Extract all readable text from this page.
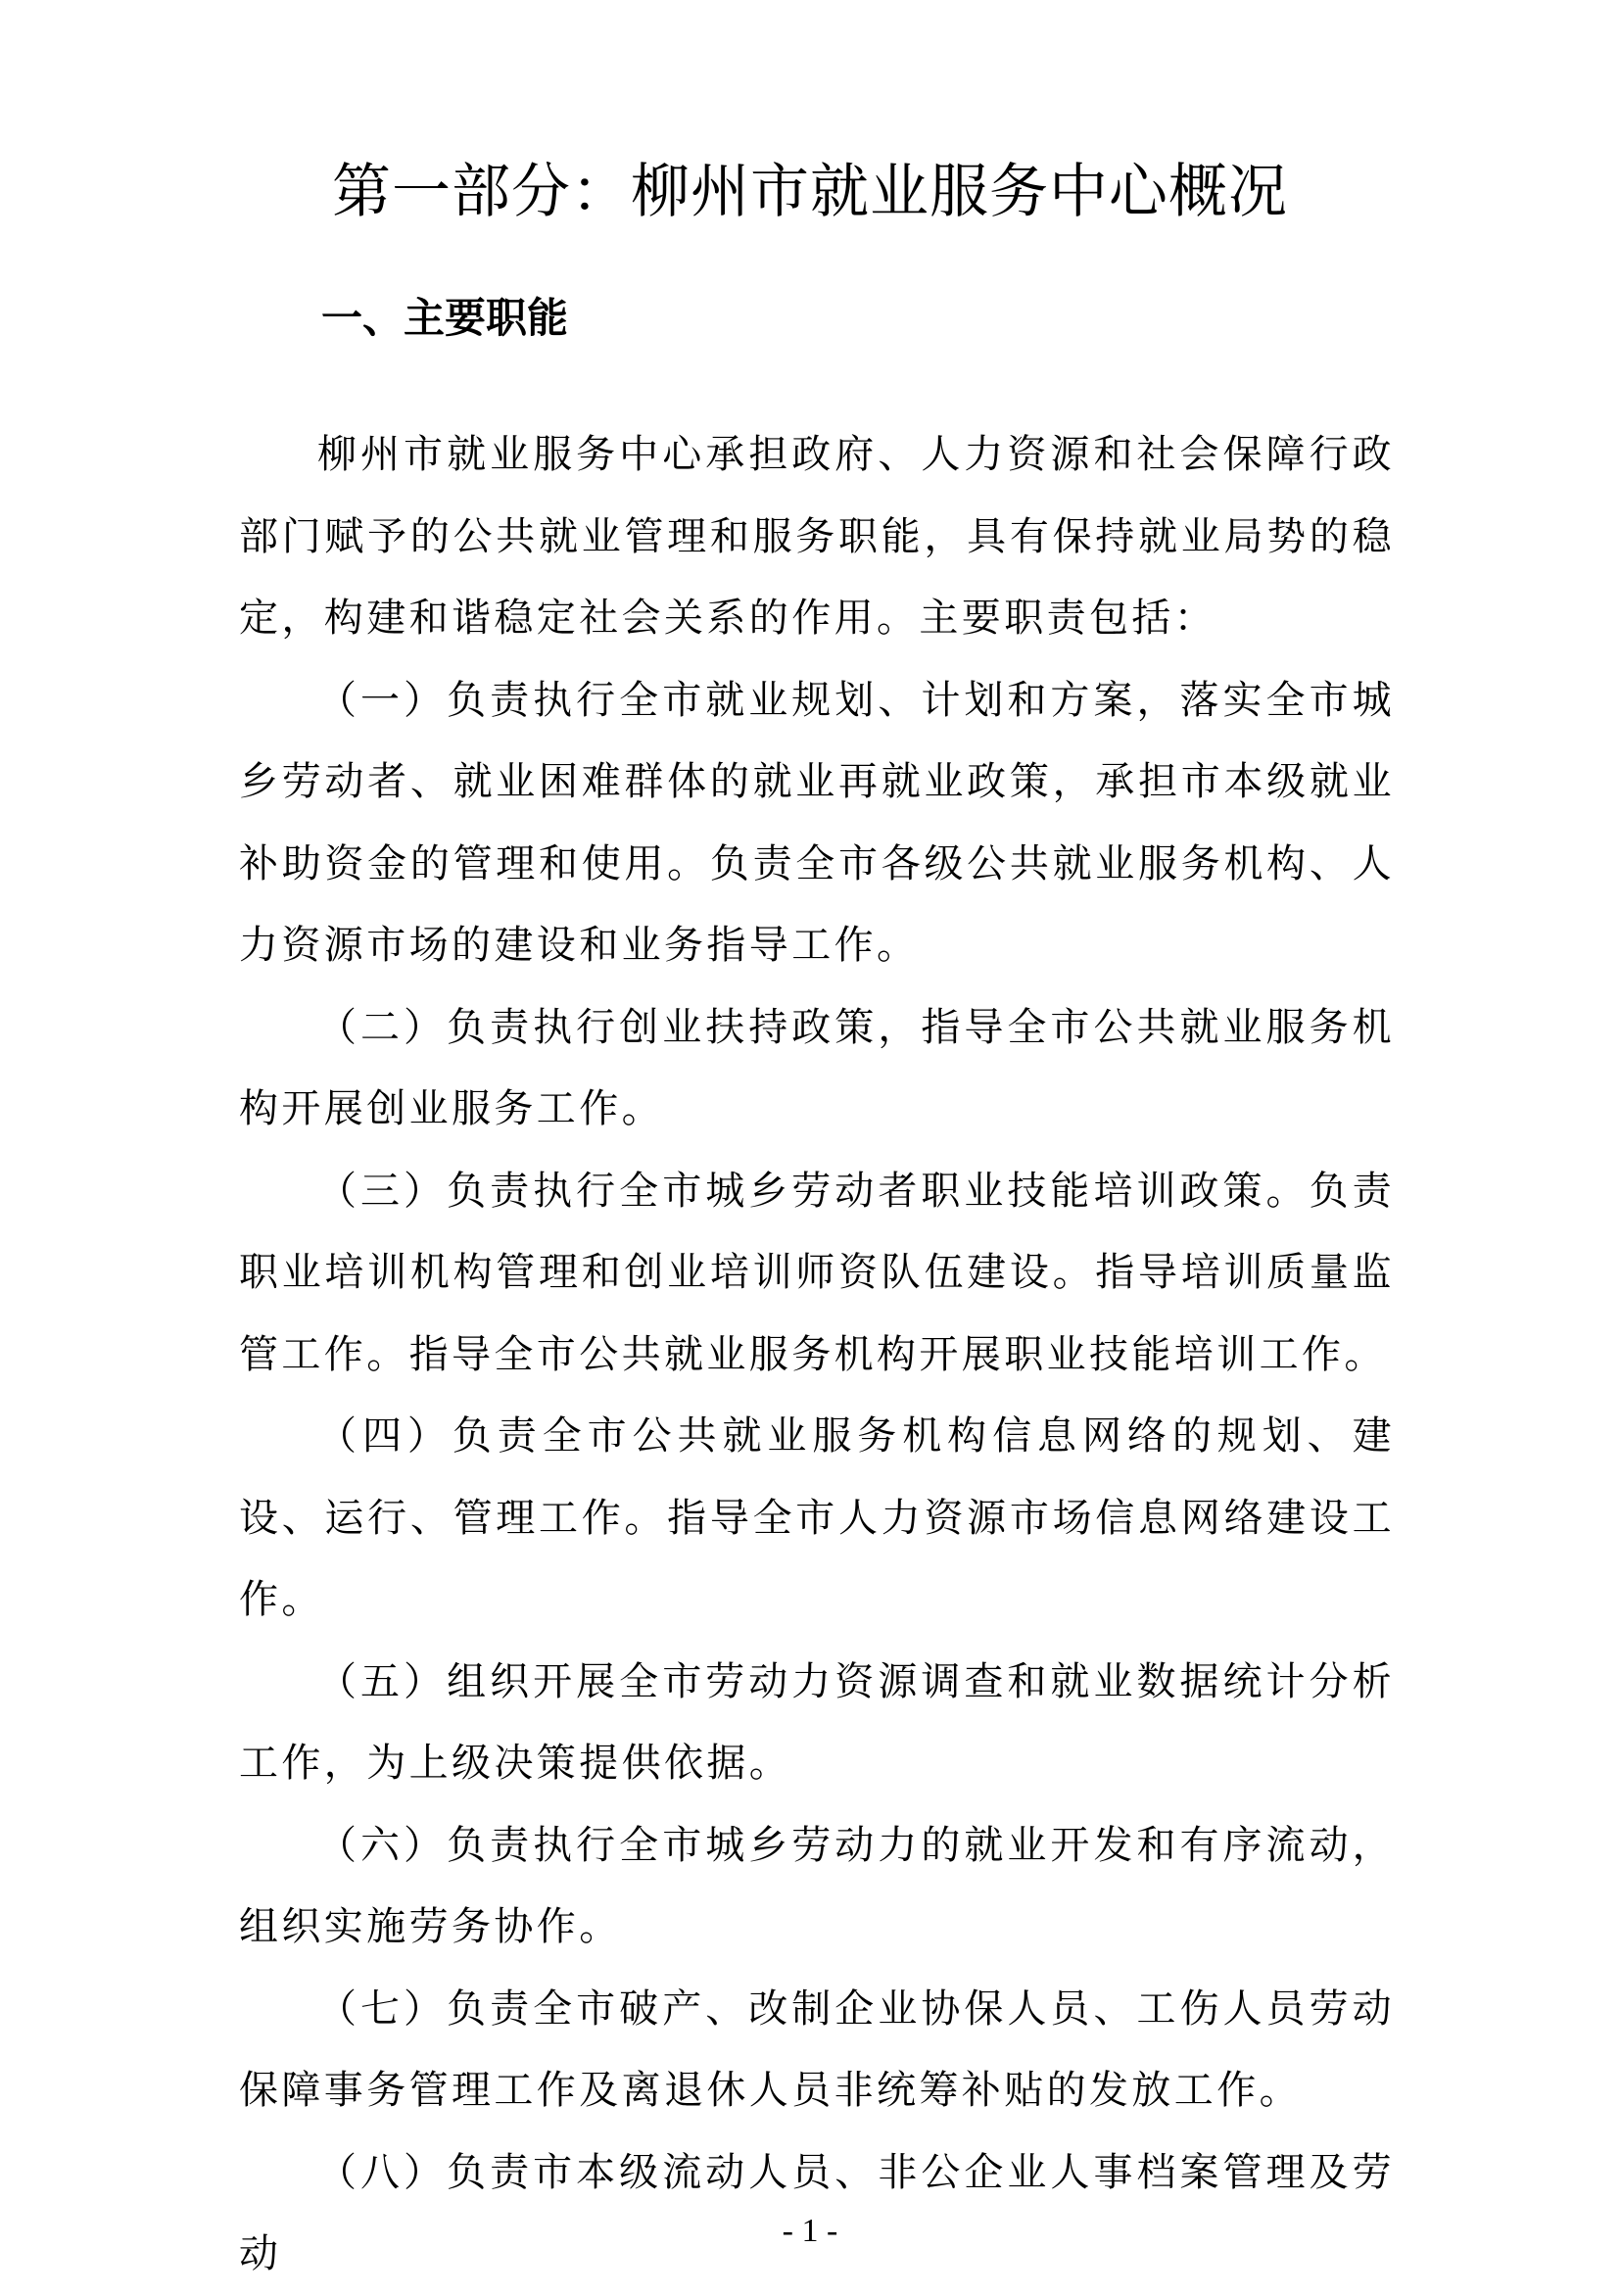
第一部分：柳州市就业服务中心概况
一、主要职能

柳州市就业服务中心承担政府、人力资源和社会保障行政部门赋予的公共就业管理和服务职能，具有保持就业局势的稳定，构建和谐稳定社会关系的作用。主要职责包括：

（一）负责执行全市就业规划、计划和方案，落实全市城乡劳动者、就业困难群体的就业再就业政策，承担市本级就业补助资金的管理和使用。负责全市各级公共就业服务机构、人力资源市场的建设和业务指导工作。

（二）负责执行创业扶持政策，指导全市公共就业服务机构开展创业服务工作。

（三）负责执行全市城乡劳动者职业技能培训政策。负责职业培训机构管理和创业培训师资队伍建设。指导培训质量监管工作。指导全市公共就业服务机构开展职业技能培训工作。

（四）负责全市公共就业服务机构信息网络的规划、建设、运行、管理工作。指导全市人力资源市场信息网络建设工作。

（五）组织开展全市劳动力资源调查和就业数据统计分析工作，为上级决策提供依据。

（六）负责执行全市城乡劳动力的就业开发和有序流动，组织实施劳务协作。

（七）负责全市破产、改制企业协保人员、工伤人员劳动保障事务管理工作及离退休人员非统筹补贴的发放工作。

（八）负责市本级流动人员、非公企业人事档案管理及劳动

- 1 -
